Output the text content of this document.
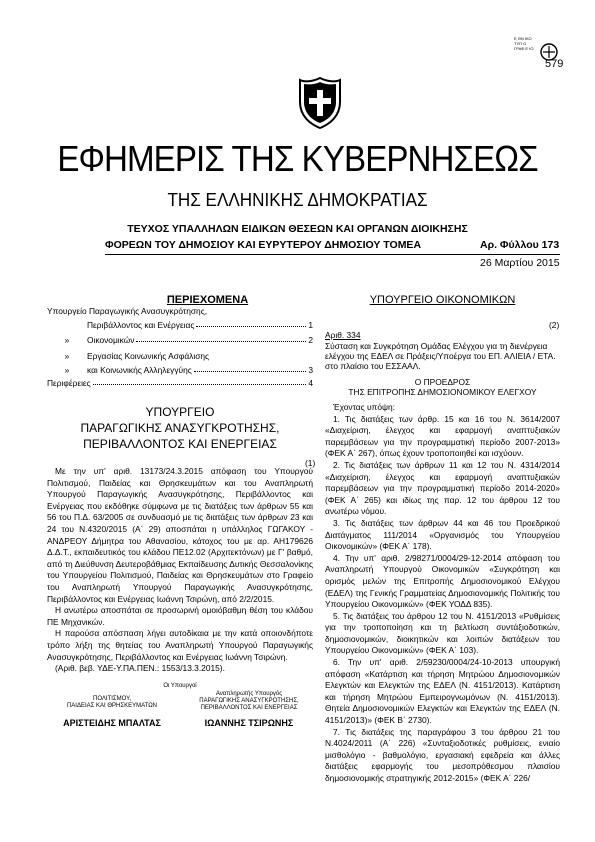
Ε ΘΝ ΙΚΟ
ΤΥΠ Ο
ΓΡΑΦ Ε ΙΟ
579
ΕΦΗΜΕΡΙΣ ΤΗΣ ΚΥΒΕΡΝΗΣΕΩΣ
ΤΗΣ ΕΛΛΗΝΙΚΗΣ ΔΗΜΟΚΡΑΤΙΑΣ
ΤΕΥΧΟΣ ΥΠΑΛΛΗΛΩΝ ΕΙΔΙΚΩΝ ΘΕΣΕΩΝ ΚΑΙ ΟΡΓΑΝΩΝ ΔΙΟΙΚΗΣΗΣ
ΦΟΡΕΩΝ ΤΟΥ ΔΗΜΟΣΙΟΥ ΚΑΙ ΕΥΡΥΤΕΡΟΥ ΔΗΜΟΣΙΟΥ ΤΟΜΕΑ	Αρ. Φύλλου 173
26 Μαρτίου 2015
ΠΕΡΙΕΧΟΜΕΝΑ
Υπουργείο Παραγωγικής Ανασυγκρότησης,
Περιβάλλοντος και Ενέργειας	1
»	Οικονομικών	2
»	Εργασίας Κοινωνικής Ασφάλισης
»	και Κοινωνικής Αλληλεγγύης	3
Περιφέρειες	4
ΥΠΟΥΡΓΕΙΟ
ΠΑΡΑΓΩΓΙΚΗΣ ΑΝΑΣΥΓΚΡΟΤΗΣΗΣ,
ΠΕΡΙΒΑΛΛΟΝΤΟΣ ΚΑΙ ΕΝΕΡΓΕΙΑΣ
(1)

Με την υπ' αριθ. 13173/24.3.2015 απόφαση του Υπουργού Πολιτισμού, Παιδείας και Θρησκευμάτων και του Αναπληρωτή Υπουργού Παραγωγικής Ανασυγκρότησης, Περιβάλλοντος και Ενέργειας που εκδόθηκε σύμφωνα με τις διατάξεις των άρθρων 55 και 56 του Π.Δ. 63/2005 σε συνδυασμό με τις διατάξεις των άρθρων 23 και 24 του Ν.4320/2015 (Α΄ 29) αποσπάται η υπάλληλος ΓΩΓΑΚΟΥ - ΑΝΔΡΕΟΥ Δήμητρα του Αθανασίου, κάτοχος του με αρ. ΑΗ179626 Δ.Δ.Τ., εκπαιδευτικός του κλάδου ΠΕ12.02 (Αρχιτεκτόνων) με Γ' βαθμό, από τη Διεύθυνση Δευτεροβάθμιας Εκπαίδευσης Δυτικής Θεσσαλονίκης του Υπουργείου Πολιτισμού, Παιδείας και Θρησκευμάτων στο Γραφείο του Αναπληρωτή Υπουργού Παραγωγικής Ανασυγκρότησης, Περιβάλλοντος και Ενέργειας Ιωάννη Τσιρώνη, από 2/2/2015.

Η ανωτέρω αποσπάται σε προσωρινή ομοιόβαθμη θέση του κλάδου ΠΕ Μηχανικών.

Η παρούσα απόσπαση λήγει αυτοδίκαια με την κατά οποιονδήποτε τρόπο λήξη της θητείας του Αναπληρωτή Υπουργού Παραγωγικής Ανασυγκρότησης, Περιβάλλοντος και Ενέργειας Ιωάννη Τσιρώνη.

(Αριθ. βεβ. ΥΔΕ-Υ.ΠΑ.ΠΕΝ.: 1553/13.3.2015).

Οι Υπουργοί
ΠΟΛΙΤΙΣΜΟΥ,
ΠΑΙΔΕΙΑΣ ΚΑΙ ΘΡΗΣΚΕΥΜΑΤΩΝ
Αναπληρωτής Υπουργός
ΠΑΡΑΓΩΓΙΚΗΣ ΑΝΑΣΥΓΚΡΟΤΗΣΗΣ,
ΠΕΡΙΒΑΛΛΟΝΤΟΣ ΚΑΙ ΕΝΕΡΓΕΙΑΣ
ΑΡΙΣΤΕΙΔΗΣ ΜΠΑΛΤΑΣ	ΙΩΑΝΝΗΣ ΤΣΙΡΩΝΗΣ
ΥΠΟΥΡΓΕΙΟ ΟΙΚΟΝΟΜΙΚΩΝ
(2)
Αριθ. 334
Σύσταση και Συγκρότηση Ομάδας Ελέγχου για τη διενέργεια ελέγχου της ΕΔΕΛ σε Πράξεις/Υποέργα του ΕΠ. ΑΛΙΕΙΑ / ΕΤΑ. στο πλαίσιο του ΕΣΣΑΑΛ.
Ο ΠΡΟΕΔΡΟΣ
ΤΗΣ ΕΠΙΤΡΟΠΗΣ ΔΗΜΟΣΙΟΝΟΜΙΚΟΥ ΕΛΕΓΧΟΥ

Έχοντας υπόψη:

1. Τις διατάξεις των άρθρ. 15 και 16 του Ν. 3614/2007 «Διαχείριση, έλεγχος και εφαρμογή αναπτυξιακών παρεμβάσεων για την προγραμματική περίοδο 2007-2013» (ΦΕΚ Α΄ 267), όπως έχουν τροποποιηθεί και ισχύουν.

2. Τις διατάξεις των άρθρων 11 και 12 του Ν. 4314/2014 «Διαχείριση, έλεγχος και εφαρμογή αναπτυξιακών παρεμβάσεων για την προγραμματική περίοδο 2014-2020» (ΦΕΚ Α΄ 265) και ιδίως της παρ. 12 του άρθρου 12 του ανωτέρω νόμου.

3. Τις διατάξεις των άρθρων 44 και 46 του Προεδρικού Διατάγματος 111/2014 «Οργανισμός του Υπουργείου Οικονομικών» (ΦΕΚ Α΄ 178).

4. Την υπ' αριθ. 2/98271/0004/29-12-2014 απόφαση του Αναπληρωτή Υπουργού Οικονομικών «Συγκρότηση και ορισμός μελών της Επιτροπής Δημοσιονομικού Ελέγχου (ΕΔΕΛ) της Γενικής Γραμματείας Δημοσιονομικής Πολιτικής του Υπουργείου Οικονομικών» (ΦΕΚ ΥΟΔΔ 835).

5. Τις διατάξεις του άρθρου 12 του Ν. 4151/2013 «Ρυθμίσεις για την τροποποίηση και τη βελτίωση συντάξιοδοτικών, δημοσιονομικών, διοικητικών και λοιπών διατάξεων του Υπουργείου Οικονομικών» (ΦΕΚ Α΄ 103).

6. Την υπ' αριθ. 2/59230/0004/24-10-2013 υπουργική απόφαση «Κατάρτιση και τήρηση Μητρώου Δημοσιονομικών Ελεγκτών και Ελεγκτών της ΕΔΕΛ (Ν. 4151/2013). Κατάρτιση και τήρηση Μητρώου Εμπειρογνωμόνων (Ν. 4151/2013). Θητεία Δημοσιονομικών Ελεγκτών και Ελεγκτών της ΕΔΕΛ (Ν. 4151/2013)» (ΦΕΚ Β΄ 2730).

7. Τις διατάξεις της παραγράφου 3 του άρθρου 21 του Ν.4024/2011 (Α΄ 226) «Συνταξιοδοτικές ρυθμίσεις, ενιαίο μισθολόγιο - βαθμολόγιο, εργασιακή εφεδρεία και άλλες διατάξεις εφαρμογής του μεσοπρόθεσμου πλαισίου δημοσιονομικής στρατηγικής 2012-2015» (ΦΕΚ Α΄ 226/
